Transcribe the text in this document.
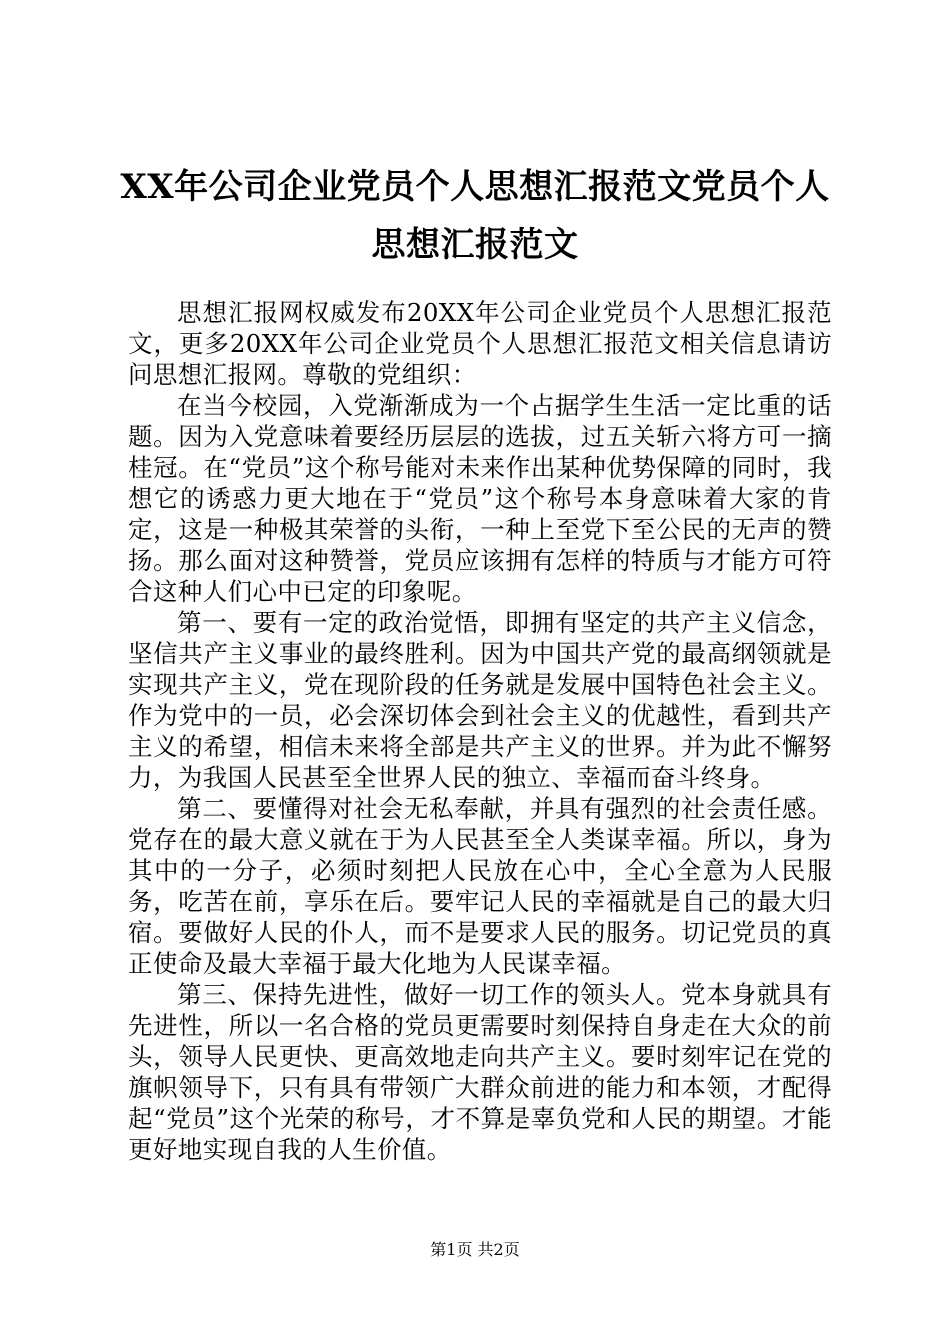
XX年公司企业党员个人思想汇报范文党员个人思想汇报范文

思想汇报网权威发布20XX年公司企业党员个人思想汇报范文，更多20XX年公司企业党员个人思想汇报范文相关信息请访问思想汇报网。尊敬的党组织：

在当今校园，入党渐渐成为一个占据学生生活一定比重的话题。因为入党意味着要经历层层的选拔，过五关斩六将方可一摘桂冠。在“党员”这个称号能对未来作出某种优势保障的同时，我想它的诱惑力更大地在于“党员”这个称号本身意味着大家的肯定，这是一种极其荣誉的头衔，一种上至党下至公民的无声的赞扬。那么面对这种赞誉，党员应该拥有怎样的特质与才能方可符合这种人们心中已定的印象呢。

第一、要有一定的政治觉悟，即拥有坚定的共产主义信念，坚信共产主义事业的最终胜利。因为中国共产党的最高纲领就是实现共产主义，党在现阶段的任务就是发展中国特色社会主义。作为党中的一员，必会深切体会到社会主义的优越性，看到共产主义的希望，相信未来将全部是共产主义的世界。并为此不懈努力，为我国人民甚至全世界人民的独立、幸福而奋斗终身。

第二、要懂得对社会无私奉献，并具有强烈的社会责任感。党存在的最大意义就在于为人民甚至全人类谋幸福。所以，身为其中的一分子，必须时刻把人民放在心中，全心全意为人民服务，吃苦在前，享乐在后。要牢记人民的幸福就是自己的最大归宿。要做好人民的仆人，而不是要求人民的服务。切记党员的真正使命及最大幸福于最大化地为人民谋幸福。

第三、保持先进性，做好一切工作的领头人。党本身就具有先进性，所以一名合格的党员更需要时刻保持自身走在大众的前头，领导人民更快、更高效地走向共产主义。要时刻牢记在党的旗帜领导下，只有具有带领广大群众前进的能力和本领，才配得起“党员”这个光荣的称号，才不算是辜负党和人民的期望。才能更好地实现自我的人生价值。

第1页 共2页
